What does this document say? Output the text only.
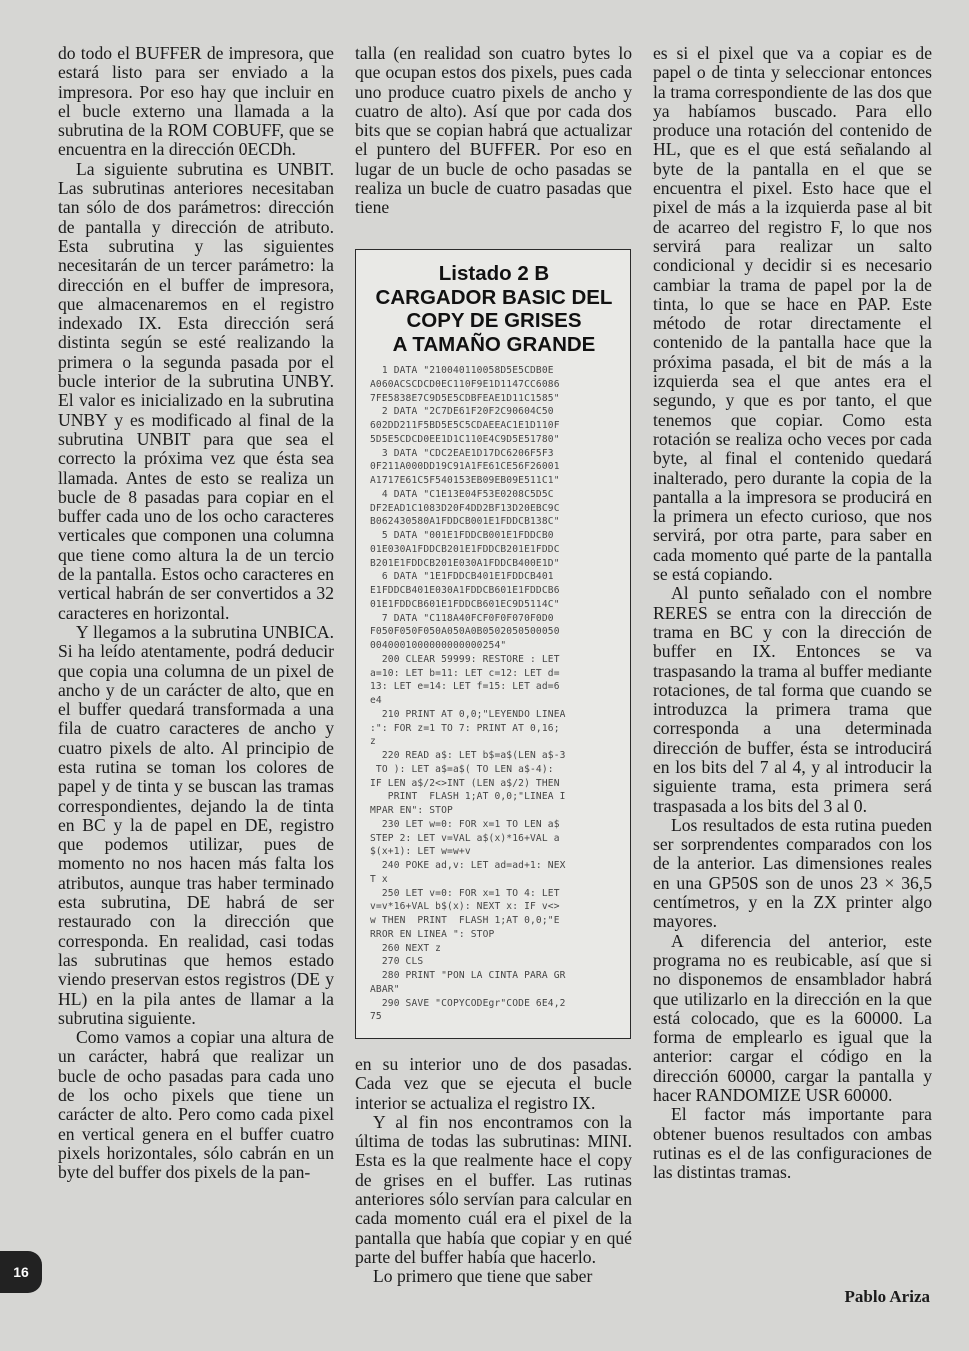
do todo el BUFFER de impresora, que estará listo para ser enviado a la impresora. Por eso hay que incluir en el bucle externo una llamada a la subrutina de la ROM COBUFF, que se encuentra en la dirección 0ECDh.

La siguiente subrutina es UNBIT. Las subrutinas anteriores necesitaban tan sólo de dos parámetros: dirección de pantalla y dirección de atributo. Esta subrutina y las siguientes necesitarán de un tercer parámetro: la dirección en el buffer de impresora, que almacenaremos en el registro indexado IX. Esta dirección será distinta según se esté realizando la primera o la segunda pasada por el bucle interior de la subrutina UNBY. El valor es inicializado en la subrutina UNBY y es modificado al final de la subrutina UNBIT para que sea el correcto la próxima vez que ésta sea llamada. Antes de esto se realiza un bucle de 8 pasadas para copiar en el buffer cada uno de los ocho caracteres verticales que componen una columna que tiene como altura la de un tercio de la pantalla. Estos ocho caracteres en vertical habrán de ser convertidos a 32 caracteres en horizontal.

Y llegamos a la subrutina UNBICA. Si ha leído atentamente, podrá deducir que copia una columna de un pixel de ancho y de un carácter de alto, que en el buffer quedará transformada a una fila de cuatro caracteres de ancho y cuatro pixels de alto. Al principio de esta rutina se toman los colores de papel y de tinta y se buscan las tramas correspondientes, dejando la de tinta en BC y la de papel en DE, registro que podemos utilizar, pues de momento no nos hacen más falta los atributos, aunque tras haber terminado esta subrutina, DE habrá de ser restaurado con la dirección que corresponda. En realidad, casi todas las subrutinas que hemos estado viendo preservan estos registros (DE y HL) en la pila antes de llamar a la subrutina siguiente.

Como vamos a copiar una altura de un carácter, habrá que realizar un bucle de ocho pasadas para cada uno de los ocho pixels que tiene un carácter de alto. Pero como cada pixel en vertical genera en el buffer cuatro pixels horizontales, sólo cabrán en un byte del buffer dos pixels de la pan-

talla (en realidad son cuatro bytes lo que ocupan estos dos pixels, pues cada uno produce cuatro pixels de ancho y cuatro de alto). Así que por cada dos bits que se copian habrá que actualizar el puntero del BUFFER. Por eso en lugar de un bucle de ocho pasadas se realiza un bucle de cuatro pasadas que tiene

Listado 2 B
CARGADOR BASIC DEL
COPY DE GRISES
A TAMAÑO GRANDE
1 DATA "210040110058D5E5CDB0E
A060ACSCDCD0EC110F9E1D1147CC6086
7FE5838E7C9D5E5CDBFEAE1D11C1585"
2 DATA "2C7DE61F20F2C90604C50
602DD211F5BD5E5C5CDAEEAC1E1D110F
5D5E5CDCD0EE1D1C110E4C9D5E51780"
3 DATA "CDC2EAE1D17DC6206F5F3
0F211A000DD19C91A1FE61CE56F26001
A1717E61C5F540153EB09EB09E511C1"
4 DATA "C1E13E04F53E0208C5D5C
DF2EAD1C1083D20F4DD2BF13D20EBC9C
B062430580A1FDDCB001E1FDDCB138C"
5 DATA "001E1FDDCB001E1FDDCB0
01E030A1FDDCB201E1FDDCB201E1FDDC
B201E1FDDCB201E030A1FDDCB400E1D"
6 DATA "1E1FDDCB401E1FDDCB401
E1FDDCB401E030A1FDDCB601E1FDDCB6
01E1FDDCB601E1FDDCB601EC9D5114C"
7 DATA "C118A40FCF0F0F070F0D0
F050F050F050A050A0B0502050500050
0040001000000000000254"
200 CLEAR 59999: RESTORE : LET
a=10: LET b=11: LET c=12: LET d=
13: LET e=14: LET f=15: LET ad=6
e4
210 PRINT AT 0,0;"LEYENDO LINEA
:": FOR z=1 TO 7: PRINT AT 0,16;
z
220 READ a$: LET b$=a$(LEN a$-3
TO ): LET a$=a$( TO LEN a$-4):
IF LEN a$/2<>INT (LEN a$/2) THEN
PRINT  FLASH 1;AT 0,0;"LINEA I
MPAR EN": STOP
230 LET w=0: FOR x=1 TO LEN a$
STEP 2: LET v=VAL a$(x)*16+VAL a
$(x+1): LET w=w+v
240 POKE ad,v: LET ad=ad+1: NEX
T x
250 LET v=0: FOR x=1 TO 4: LET
v=v*16+VAL b$(x): NEXT x: IF v<>
w THEN  PRINT  FLASH 1;AT 0,0;"E
RROR EN LINEA ": STOP
260 NEXT z
270 CLS
280 PRINT "PON LA CINTA PARA GR
ABAR"
290 SAVE "COPYCODEgr"CODE 6E4,2
75

en su interior uno de dos pasadas. Cada vez que se ejecuta el bucle interior se actualiza el registro IX.

Y al fin nos encontramos con la última de todas las subrutinas: MINI. Esta es la que realmente hace el copy de grises en el buffer. Las rutinas anteriores sólo servían para calcular en cada momento cuál era el pixel de la pantalla que había que copiar y en qué parte del buffer había que hacerlo.

Lo primero que tiene que saber

es si el pixel que va a copiar es de papel o de tinta y seleccionar entonces la trama correspondiente de las dos que ya habíamos buscado. Para ello produce una rotación del contenido de HL, que es el que está señalando al byte de la pantalla en el que se encuentra el pixel. Esto hace que el pixel de más a la izquierda pase al bit de acarreo del registro F, lo que nos servirá para realizar un salto condicional y decidir si es necesario cambiar la trama de papel por la de tinta, lo que se hace en PAP. Este método de rotar directamente el contenido de la pantalla hace que la próxima pasada, el bit de más a la izquierda sea el que antes era el segundo, y que es por tanto, el que tenemos que copiar. Como esta rotación se realiza ocho veces por cada byte, al final el contenido quedará inalterado, pero durante la copia de la pantalla a la impresora se producirá en la primera un efecto curioso, que nos servirá, por otra parte, para saber en cada momento qué parte de la pantalla se está copiando.

Al punto señalado con el nombre RERES se entra con la dirección de trama en BC y con la dirección de buffer en IX. Entonces se va traspasando la trama al buffer mediante rotaciones, de tal forma que cuando se introduzca la primera trama que corresponda a una determinada dirección de buffer, ésta se introducirá en los bits del 7 al 4, y al introducir la siguiente trama, esta primera será traspasada a los bits del 3 al 0.

Los resultados de esta rutina pueden ser sorprendentes comparados con los de la anterior. Las dimensiones reales en una GP50S son de unos 23 × 36,5 centímetros, y en la ZX printer algo mayores.

A diferencia del anterior, este programa no es reubicable, así que si no disponemos de ensamblador habrá que utilizarlo en la dirección en la que está colocado, que es la 60000. La forma de emplearlo es igual que la anterior: cargar el código en la dirección 60000, cargar la pantalla y hacer RANDOMIZE USR 60000.

El factor más importante para obtener buenos resultados con ambas rutinas es el de las configuraciones de las distintas tramas.

16
Pablo Ariza
